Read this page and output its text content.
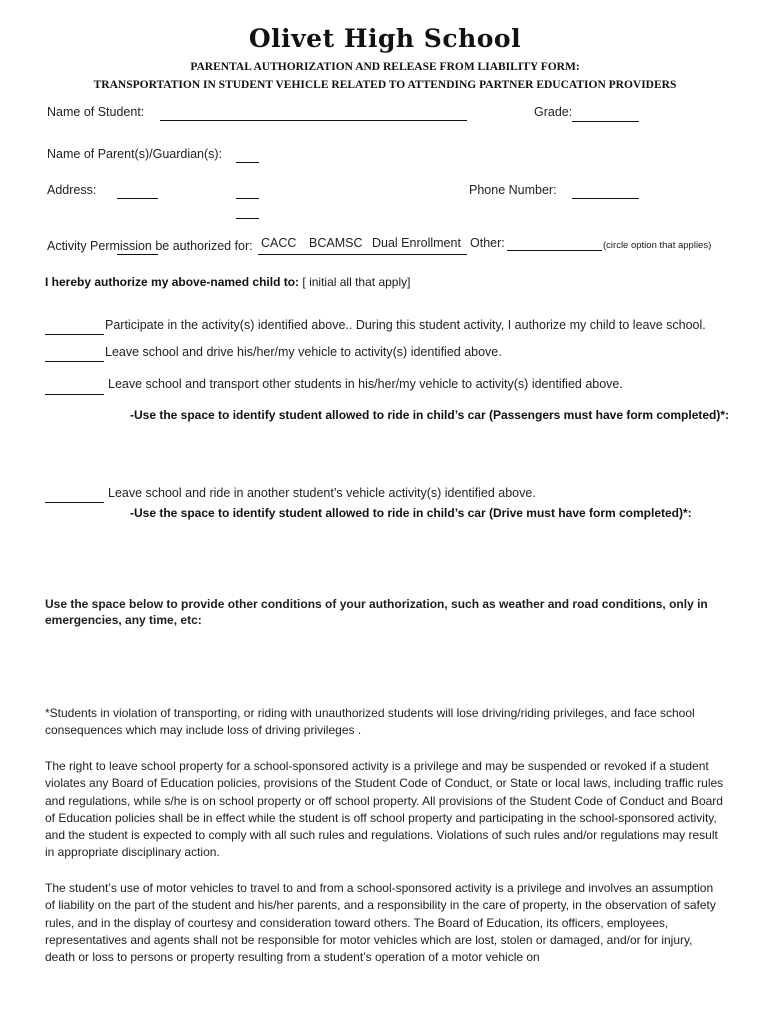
Olivet High School
PARENTAL AUTHORIZATION AND RELEASE FROM LIABILITY FORM:
TRANSPORTATION IN STUDENT VEHICLE RELATED TO ATTENDING PARTNER EDUCATION PROVIDERS
Name of Student:	Grade:
Name of Parent(s)/Guardian(s):
Address:	Phone Number:
Activity Permission be authorized for: CACC BCAMSC Dual Enrollment Other:	(circle option that applies)
I hereby authorize my above-named child to: [ initial all that apply]
Participate in the activity(s) identified above.. During this student activity, I authorize my child to leave school.
Leave school and drive his/her/my vehicle to activity(s) identified above.
Leave school and transport other students in his/her/my vehicle to activity(s) identified above.
-Use the space to identify student allowed to ride in child’s car (Passengers must have form completed)*:
Leave school and ride in another student’s vehicle activity(s) identified above.
-Use the space to identify student allowed to ride in child’s car (Drive must have form completed)*:

Use the space below to provide other conditions of your authorization, such as weather and road conditions, only in emergencies, any time, etc:

*Students in violation of transporting, or riding with unauthorized students will lose driving/riding privileges, and face school consequences which may include loss of driving privileges .

The right to leave school property for a school-sponsored activity is a privilege and may be suspended or revoked if a student violates any Board of Education policies, provisions of the Student Code of Conduct, or State or local laws, including traffic rules and regulations, while s/he is on school property or off school property. All provisions of the Student Code of Conduct and Board of Education policies shall be in effect while the student is off school property and participating in the school-sponsored activity, and the student is expected to comply with all such rules and regulations. Violations of such rules and/or regulations may result in appropriate disciplinary action.

The student’s use of motor vehicles to travel to and from a school-sponsored activity is a privilege and involves an assumption of liability on the part of the student and his/her parents, and a responsibility in the care of property, in the observation of safety rules, and in the display of courtesy and consideration toward others. The Board of Education, its officers, employees, representatives and agents shall not be responsible for motor vehicles which are lost, stolen or damaged, and/or for injury, death or loss to persons or property resulting from a student’s operation of a motor vehicle on
